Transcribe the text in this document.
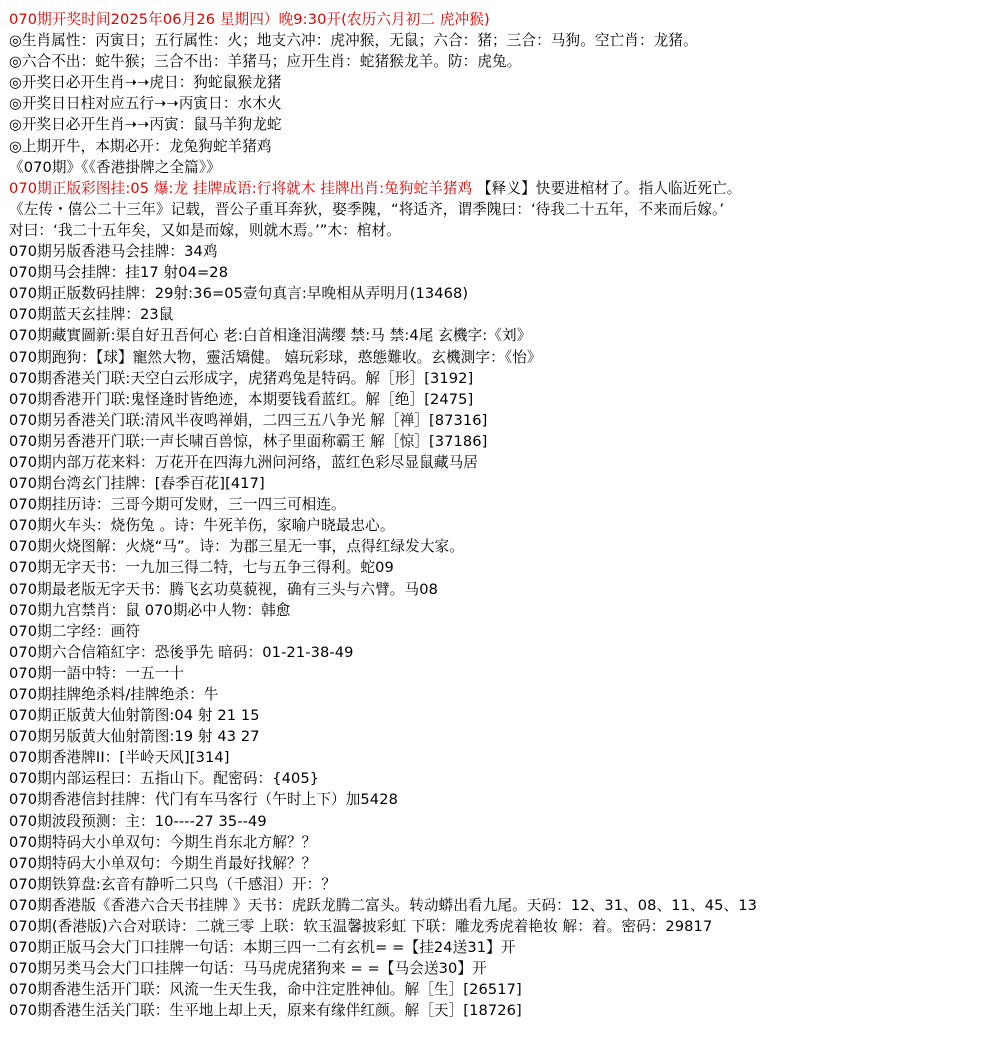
070期开奖时间2025年06月26 星期四）晚9:30开(农历六月初二 虎冲猴)
◎生肖属性：丙寅日；五行属性：火；地支六冲：虎冲猴，无鼠；六合：猪；三合：马狗。空亡肖：龙猪。
◎六合不出：蛇牛猴；三合不出：羊猪马；应开生肖：蛇猪猴龙羊。防：虎兔。
◎开奖日必开生肖➝➝虎日：狗蛇鼠猴龙猪
◎开奖日日柱对应五行➝➝丙寅日：水木火
◎开奖日必开生肖➝➝丙寅：鼠马羊狗龙蛇
◎上期开牛，本期必开：龙兔狗蛇羊猪鸡
《070期》《《香港掛牌之全篇》》
070期正版彩图挂:05 爆:龙 挂牌成语:行将就木 挂牌出肖:兔狗蛇羊猪鸡 【释义】快要进棺材了。指人临近死亡。
《左传・僖公二十三年》记载，晋公子重耳奔狄，娶季隗，“将适齐，谓季隗曰：‘待我二十五年，不来而后嫁。’
对曰：‘我二十五年矣，又如是而嫁，则就木焉。’”木：棺材。
070期另版香港马会挂牌：34鸡
070期马会挂牌：挂17 射04=28
070期正版数码挂牌：29射:36=05壹句真言:早晚相从弄明月(13468)
070期蓝天玄挂牌：23鼠
070期藏實圖新:渠自好丑吾何心 老:白首相逢泪满缨 禁:马 禁:4尾 玄機字:《刘》
070期跑狗：【球】寵然大物，靈活矯健。 嬉玩彩球，憨態難收。玄機測字：《怡》
070期香港关门联:天空白云形成字，虎猪鸡兔是特码。解［形］[3192]
070期香港开门联:鬼怪逢时皆绝迹，本期要钱看蓝红。解［绝］[2475]
070期另香港关门联:清风半夜鸣禅娟，二四三五八争光 解［禅］[87316]
070期另香港开门联:一声长啸百兽惊，林子里面称霸王 解［惊］[37186]
070期内部万花来料：万花开在四海九洲问河络，蓝红色彩尽显鼠藏马居
070期台湾玄门挂牌：[春季百花][417]
070期挂历诗：三哥今期可发财，三一四三可相连。
070期火车头：烧伤兔 。诗：牛死羊伤，家喻户晓最忠心。
070期火烧图解：火烧“马”。诗：为郡三星无一事，点得红绿发大家。
070期无字天书：一九加三得二特，七与五争三得利。蛇09
070期最老版无字天书：腾飞玄功莫藐视，确有三头与六臂。马08
070期九宫禁肖：鼠 070期必中人物：韩愈
070期二字经：画符
070期六合信箱紅字：恐後爭先 暗码：01-21-38-49
070期一語中特：一五一十
070期挂牌绝杀料/挂牌绝杀：牛
070期正版黄大仙射箭图:04 射 21 15
070期另版黄大仙射箭图:19 射 43 27
070期香港牌II：[半岭天风][314]
070期内部运程曰：五指山下。配密码：{405}
070期香港信封挂牌：代门有车马客行（午时上下）加5428
070期波段预测：主：10----27 35--49
070期特码大小单双句：今期生肖东北方解？？
070期特码大小单双句：今期生肖最好找解？？
070期铁算盘:玄音有静听二只鸟（千感泪）开：？
070期香港版《香港六合天书挂牌 》天书：虎跃龙腾二富头。转动蟒出看九尾。天码：12、31、08、11、45、13
070期(香港版)六合对联诗：二就三零 上联：软玉温馨披彩虹 下联：雕龙秀虎着艳妆 解：着。密码：29817
070期正版马会大门口挂牌一句话：本期三四一二有玄机= =【挂24送31】开
070期另类马会大门口挂牌一句话：马马虎虎猪狗来 = =【马会送30】开
070期香港生活开门联：风流一生天生我，命中注定胜神仙。解［生］[26517]
070期香港生活关门联：生平地上却上天，原来有缘伴红颜。解［天］[18726]
